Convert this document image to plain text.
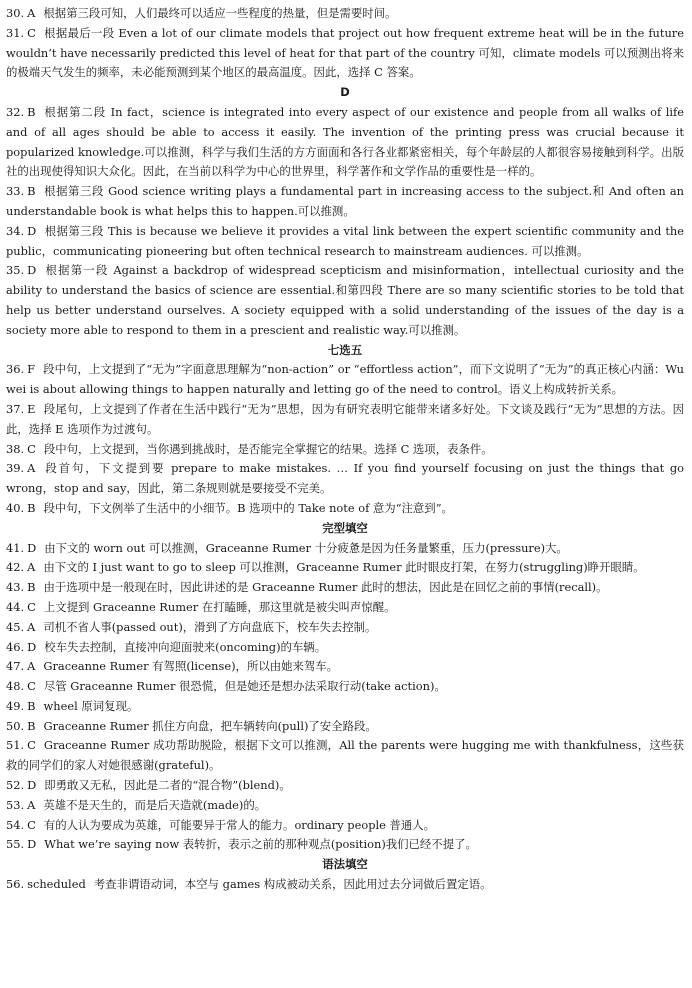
30. A 根据第三段可知，人们最终可以适应一些程度的热量，但是需要时间。

31. C 根据最后一段 Even a lot of our climate models that project out how frequent extreme heat will be in the future wouldn’t have necessarily predicted this level of heat for that part of the country 可知，climate models 可以预测出将来的极端天气发生的频率，未必能预测到某个地区的最高温度。因此，选择 C 答案。

D

32. B 根据第二段 In fact，science is integrated into every aspect of our existence and people from all walks of life and of all ages should be able to access it easily. The invention of the printing press was crucial because it popularized knowledge.可以推测，科学与我们生活的方方面面和各行各业都紧密相关，每个年龄层的人都很容易接触到科学。出版社的出现使得知识大众化。因此，在当前以科学为中心的世界里，科学著作和文学作品的重要性是一样的。

33. B 根据第三段 Good science writing plays a fundamental part in increasing access to the subject.和 And often an understandable book is what helps this to happen.可以推测。

34. D 根据第三段 This is because we believe it provides a vital link between the expert scientific community and the public，communicating pioneering but often technical research to mainstream audiences. 可以推测。

35. D 根据第一段 Against a backdrop of widespread scepticism and misinformation，intellectual curiosity and the ability to understand the basics of science are essential.和第四段 There are so many scientific stories to be told that help us better understand ourselves. A society equipped with a solid understanding of the issues of the day is a society more able to respond to them in a prescient and realistic way.可以推测。

七选五

36. F 段中句，上文提到了“无为”字面意思理解为“non-action” or “effortless action”，而下文说明了“无为”的真正核心内涵：Wu wei is about allowing things to happen naturally and letting go of the need to control。语义上构成转折关系。

37. E 段尾句，上文提到了作者在生活中践行“无为”思想，因为有研究表明它能带来诸多好处。下文谈及践行“无为”思想的方法。因此，选择 E 选项作为过渡句。

38. C 段中句，上文提到，当你遇到挑战时，是否能完全掌握它的结果。选择 C 选项，表条件。

39. A 段首句，下文提到要 prepare to make mistakes. … If you find yourself focusing on just the things that go wrong，stop and say，因此，第二条规则就是要接受不完美。

40. B 段中句，下文例举了生活中的小细节。B 选项中的 Take note of 意为“注意到”。

完型填空

41. D 由下文的 worn out 可以推测，Graceanne Rumer 十分疲惫是因为任务量繁重，压力(pressure)大。

42. A 由下文的 I just want to go to sleep 可以推测，Graceanne Rumer 此时眼皮打架，在努力(struggling)睁开眼睛。

43. B 由于选项中是一般现在时，因此讲述的是 Graceanne Rumer 此时的想法，因此是在回忆之前的事情(recall)。

44. C 上文提到 Graceanne Rumer 在打瞌睡，那这里就是被尖叫声惊醒。

45. A 司机不省人事(passed out)，滑到了方向盘底下，校车失去控制。

46. D 校车失去控制，直接冲向迎面驶来(oncoming)的车辆。

47. A Graceanne Rumer 有驾照(license)，所以由她来驾车。

48. C 尽管 Graceanne Rumer 很恐慌，但是她还是想办法采取行动(take action)。

49. B wheel 原词复现。

50. B Graceanne Rumer 抓住方向盘，把车辆转向(pull)了安全路段。

51. C Graceanne Rumer 成功帮助脱险，根据下文可以推测，All the parents were hugging me with thankfulness，这些获救的同学们的家人对她很感谢(grateful)。

52. D 即勇敢又无私，因此是二者的“混合物”(blend)。

53. A 英雄不是天生的，而是后天造就(made)的。

54. C 有的人认为要成为英雄，可能要异于常人的能力。ordinary people 普通人。

55. D What we’re saying now 表转折，表示之前的那种观点(position)我们已经不提了。

语法填空

56. scheduled 考查非谓语动词，本空与 games 构成被动关系，因此用过去分词做后置定语。
